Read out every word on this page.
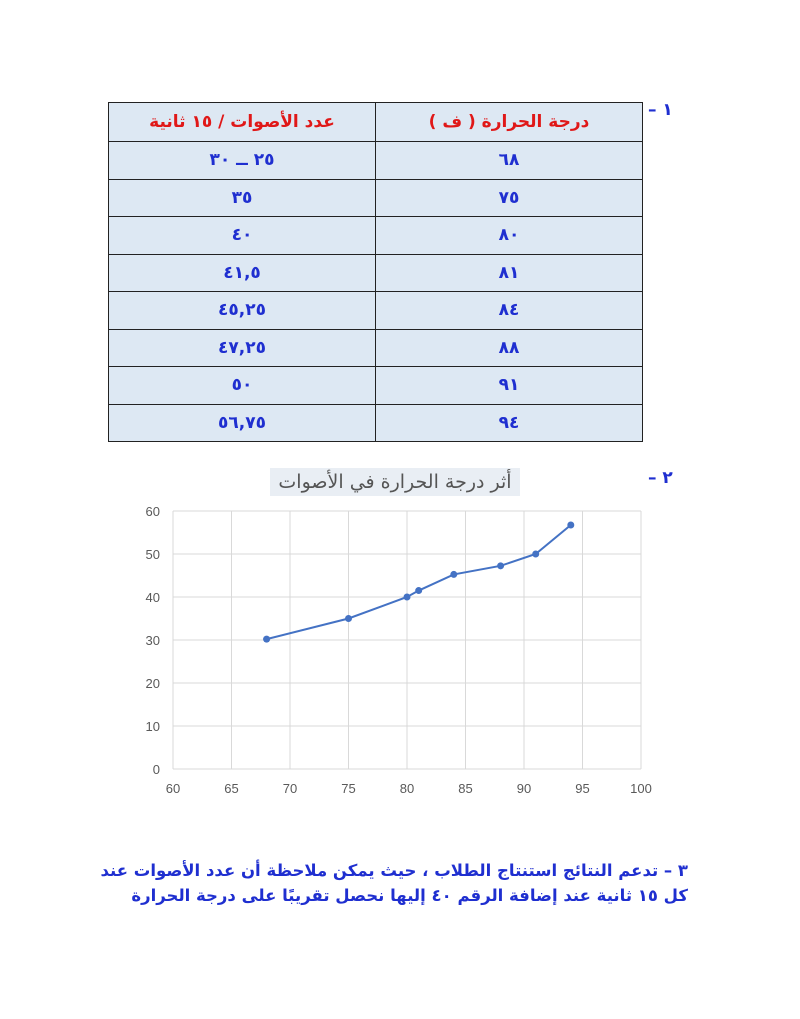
١ –
درجة الحرارة ( ف )	عدد الأصوات / ١٥ ثانية
٦٨	٢٥ ــ ٣٠
٧٥	٣٥
٨٠	٤٠
٨١	٤١,٥
٨٤	٤٥,٢٥
٨٨	٤٧,٢٥
٩١	٥٠
٩٤	٥٦,٧٥
٢ –
أثر درجة الحرارة في الأصوات
60	65	70	75	80	85	90	95	100
0
10
20
30
40
50
60
٣ – تدعم النتائج استنتاج الطلاب ، حيث يمكن ملاحظة أن عدد الأصوات عند
كل ١٥ ثانية عند إضافة الرقم ٤٠ إليها نحصل تقريبًا على درجة الحرارة
